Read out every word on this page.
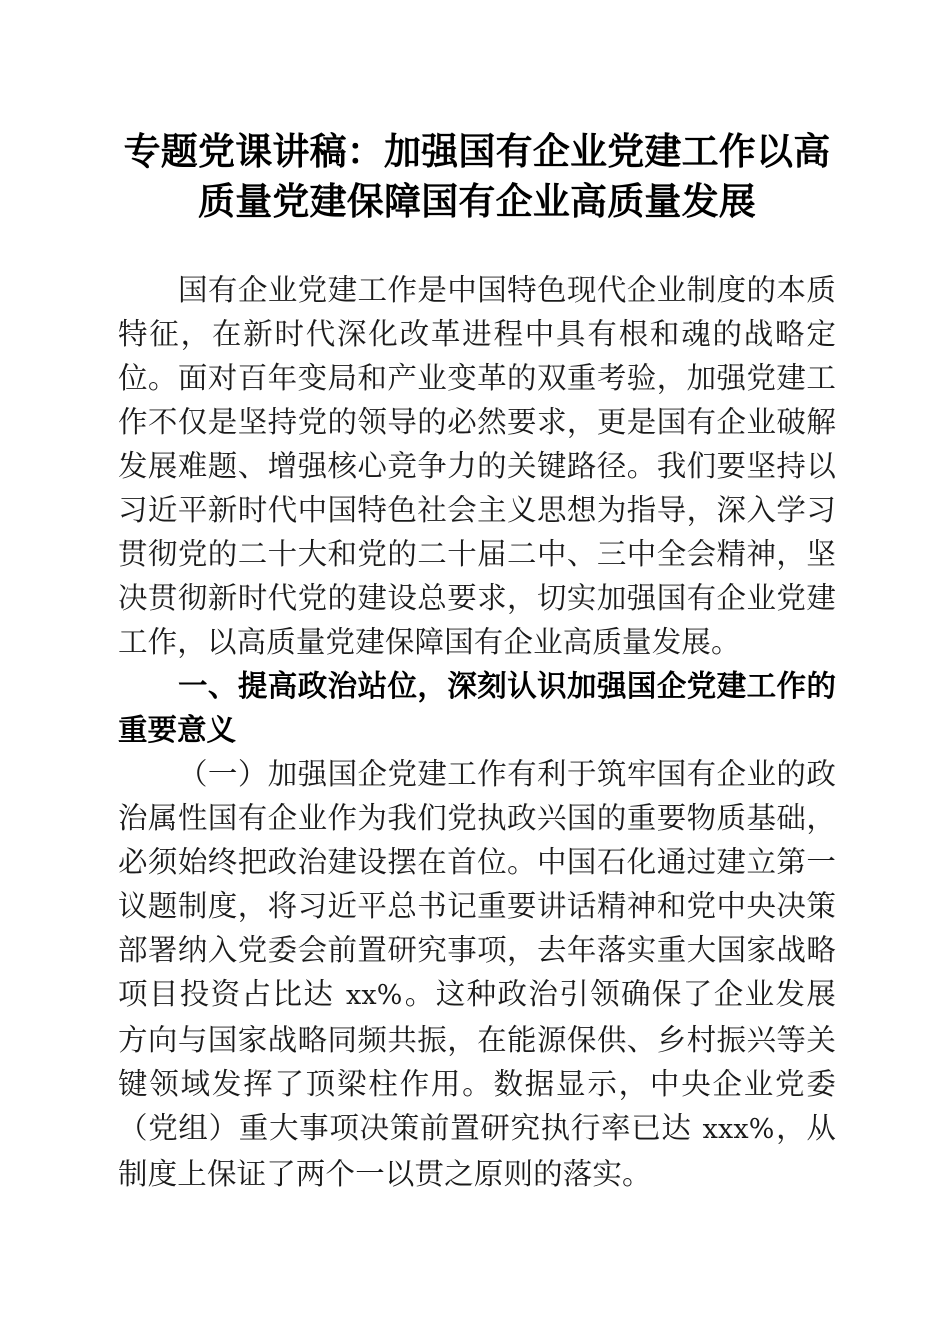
专题党课讲稿：加强国有企业党建工作以高质量党建保障国有企业高质量发展

国有企业党建工作是中国特色现代企业制度的本质特征，在新时代深化改革进程中具有根和魂的战略定位。面对百年变局和产业变革的双重考验，加强党建工作不仅是坚持党的领导的必然要求，更是国有企业破解发展难题、增强核心竞争力的关键路径。我们要坚持以习近平新时代中国特色社会主义思想为指导，深入学习贯彻党的二十大和党的二十届二中、三中全会精神，坚决贯彻新时代党的建设总要求，切实加强国有企业党建工作，以高质量党建保障国有企业高质量发展。

一、提高政治站位，深刻认识加强国企党建工作的重要意义

（一）加强国企党建工作有利于筑牢国有企业的政治属性国有企业作为我们党执政兴国的重要物质基础，必须始终把政治建设摆在首位。中国石化通过建立第一议题制度，将习近平总书记重要讲话精神和党中央决策部署纳入党委会前置研究事项，去年落实重大国家战略项目投资占比达 xx%。这种政治引领确保了企业发展方向与国家战略同频共振，在能源保供、乡村振兴等关键领域发挥了顶梁柱作用。数据显示，中央企业党委（党组）重大事项决策前置研究执行率已达 xxx%，从制度上保证了两个一以贯之原则的落实。
